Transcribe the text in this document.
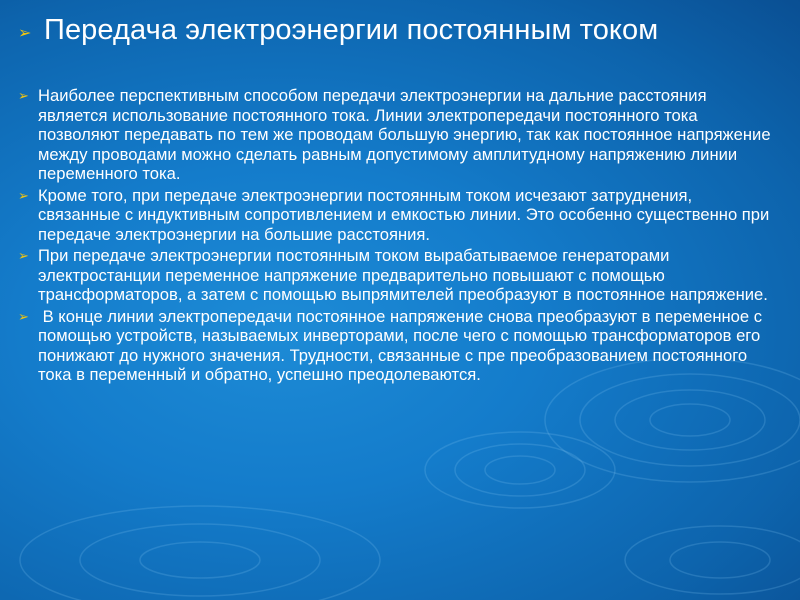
➢ Передача электроэнергии постоянным током
➢ Наиболее перспективным способом передачи электроэнергии на дальние расстояния является использование постоянного тока. Линии электропередачи постоянного тока позволяют передавать по тем же проводам большую энергию, так как постоянное напряжение между проводами можно сделать равным допустимому амплитудному напряжению линии переменного тока.
➢ Кроме того, при передаче электроэнергии постоянным током исчезают затруднения, связанные с индуктивным сопротивлением и емкостью линии. Это особенно существенно при передаче электроэнергии на большие расстояния.
➢ При передаче электроэнергии постоянным током вырабатываемое генераторами электростанции переменное напряжение предварительно повышают с помощью трансформаторов, а затем с помощью выпрямителей преобразуют в постоянное напряжение.
➢ В конце линии электропередачи постоянное напряжение снова преобразуют в переменное с помощью устройств, называемых инверторами, после чего с помощью трансформаторов его понижают до нужного значения. Трудности, связанные с пре преобразованием постоянного тока в переменный и обратно, успешно преодолеваются.
